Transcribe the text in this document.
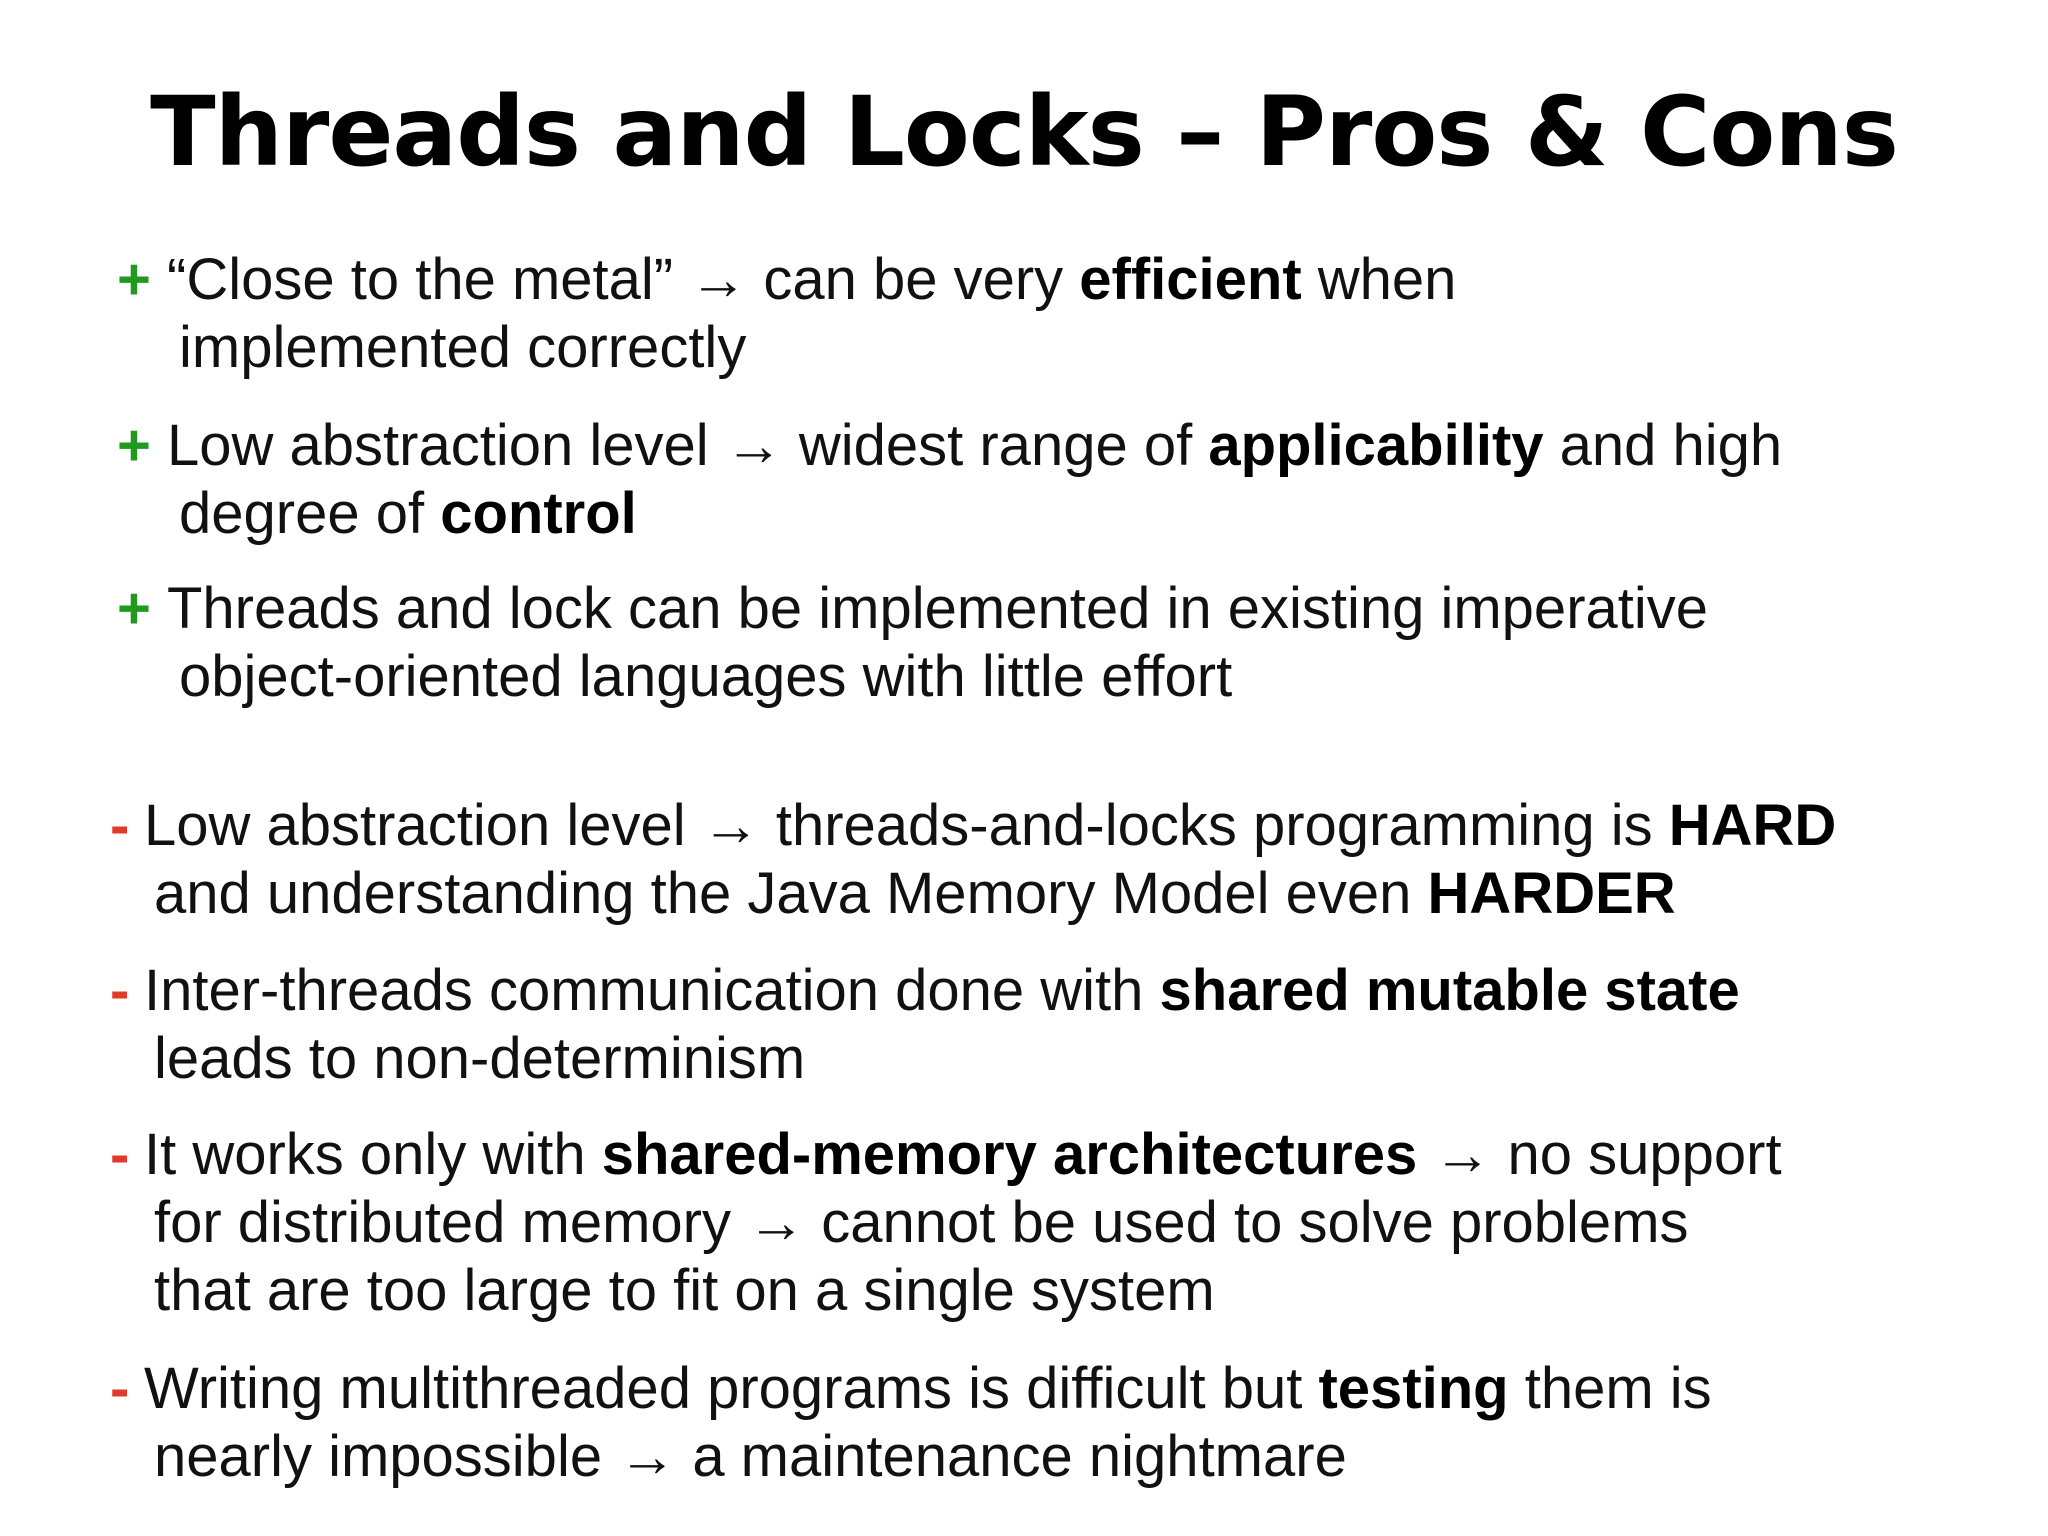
Threads and Locks – Pros & Cons
+ “Close to the metal” → can be very efficient when
implemented correctly
+ Low abstraction level → widest range of applicability and high
degree of control
+ Threads and lock can be implemented in existing imperative
object-oriented languages with little effort
- Low abstraction level → threads-and-locks programming is HARD
and understanding the Java Memory Model even HARDER
- Inter-threads communication done with shared mutable state
leads to non-determinism
- It works only with shared-memory architectures → no support
for distributed memory → cannot be used to solve problems
that are too large to fit on a single system
- Writing multithreaded programs is difficult but testing them is
nearly impossible → a maintenance nightmare
